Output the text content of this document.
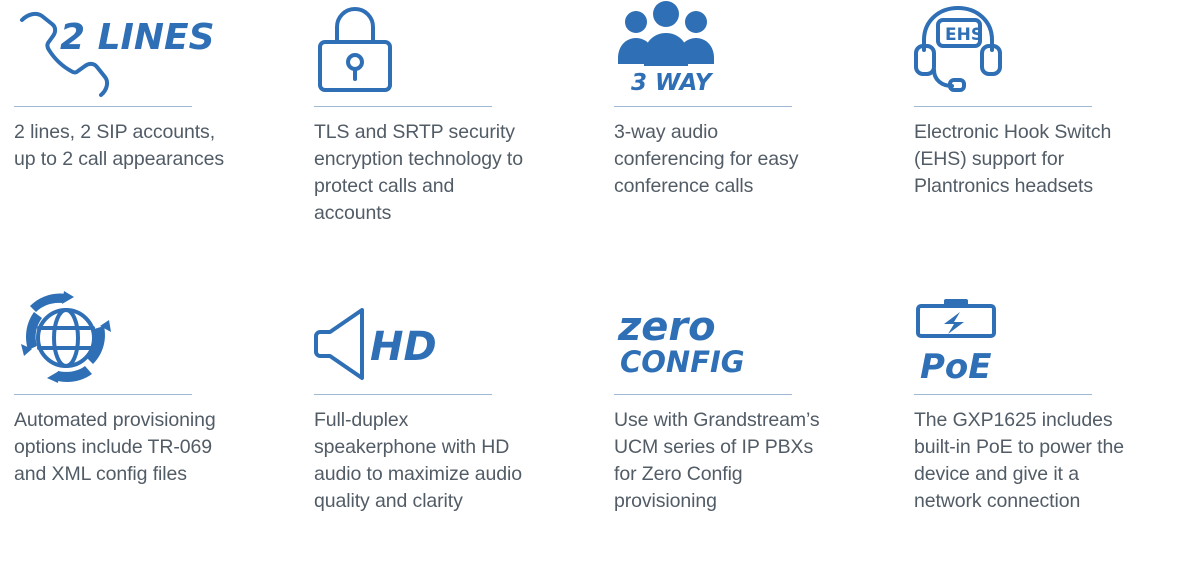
2 LINES
2 lines, 2 SIP accounts, up to 2 call appearances
TLS and SRTP security encryption technology to protect calls and accounts
3 WAY
3-way audio conferencing for easy conference calls
EHS
Electronic Hook Switch (EHS) support for Plantronics headsets
Automated provisioning options include TR-069 and XML config files
HD
Full-duplex speakerphone with HD audio to maximize audio quality and clarity
zero
CONFIG
Use with Grandstream’s UCM series of IP PBXs for Zero Config provisioning
PoE
The GXP1625 includes built-in PoE to power the device and give it a network connection
